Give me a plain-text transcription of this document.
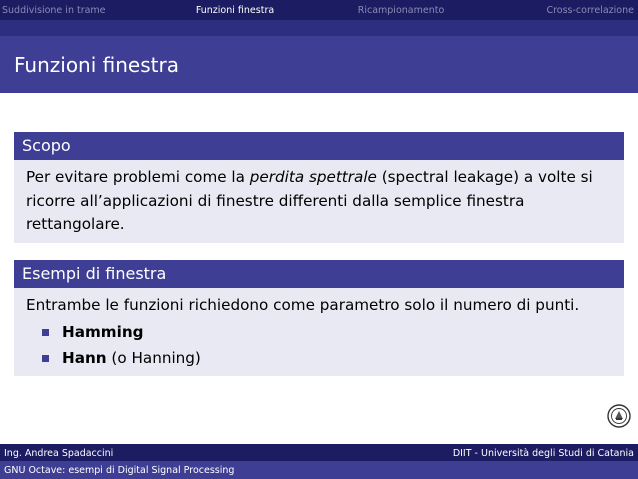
Suddivisione in trame	Funzioni finestra	Ricampionamento	Cross-correlazione
Funzioni finestra
Scopo
Per evitare problemi come la perdita spettrale (spectral leakage) a volte si ricorre all’applicazioni di finestre differenti dalla semplice finestra rettangolare.
Esempi di finestra
Entrambe le funzioni richiedono come parametro solo il numero di punti.
Hamming
Hann (o Hanning)
Ing. Andrea Spadaccini	DIIT - Università degli Studi di Catania
GNU Octave: esempi di Digital Signal Processing
